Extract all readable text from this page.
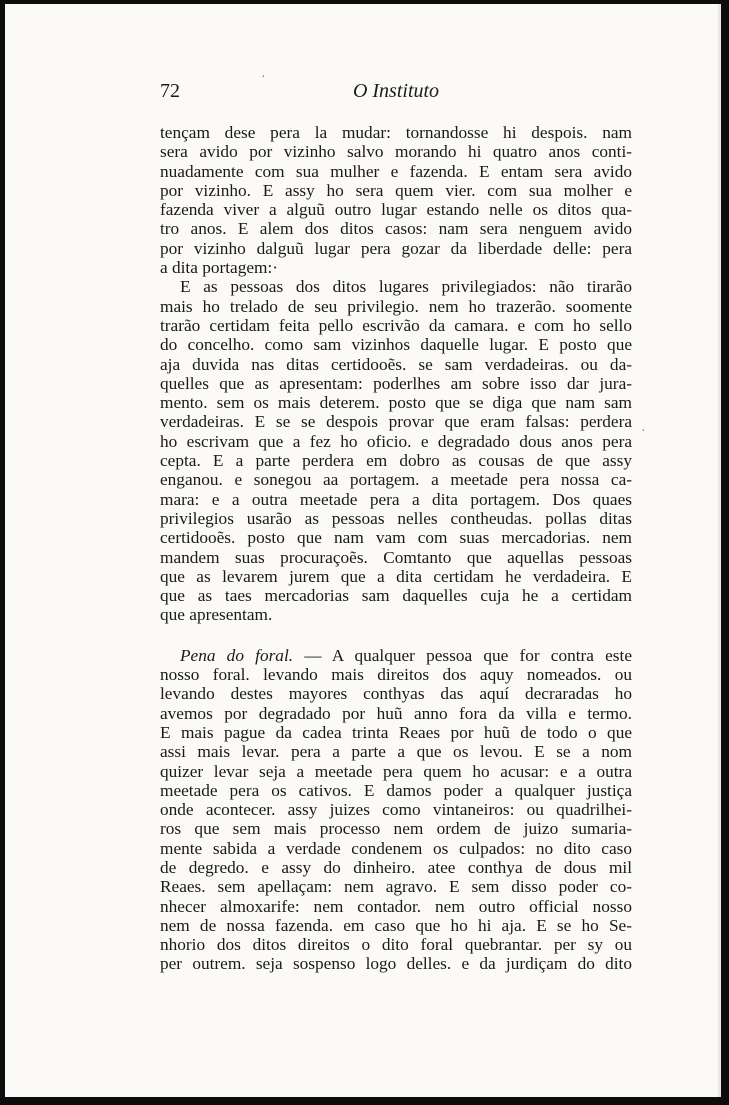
·
·
72	O Instituto
tençam dese pera la mudar: tornandosse hi despois. nam
sera avido por vizinho salvo morando hi quatro anos conti-
nuadamente com sua mulher e fazenda. E entam sera avido
por vizinho. E assy ho sera quem vier. com sua molher e
fazenda viver a alguũ outro lugar estando nelle os ditos qua-
tro anos. E alem dos ditos casos: nam sera nenguem avido
por vizinho dalguũ lugar pera gozar da liberdade delle: pera
a dita portagem:·
E as pessoas dos ditos lugares privilegiados: não tirarão
mais ho trelado de seu privilegio. nem ho trazerão. soomente
trarão certidam feita pello escrivão da camara. e com ho sello
do concelho. como sam vizinhos daquelle lugar. E posto que
aja duvida nas ditas certidooẽs. se sam verdadeiras. ou da-
quelles que as apresentam: poderlhes am sobre isso dar jura-
mento. sem os mais deterem. posto que se diga que nam sam
verdadeiras. E se se despois provar que eram falsas: perdera
ho escrivam que a fez ho oficio. e degradado dous anos pera
cepta. E a parte perdera em dobro as cousas de que assy
enganou. e sonegou aa portagem. a meetade pera nossa ca-
mara: e a outra meetade pera a dita portagem. Dos quaes
privilegios usarão as pessoas nelles contheudas. pollas ditas
certidooẽs. posto que nam vam com suas mercadorias. nem
mandem suas procuraçoẽs. Comtanto que aquellas pessoas
que as levarem jurem que a dita certidam he verdadeira. E
que as taes mercadorias sam daquelles cuja he a certidam
que apresentam.
Pena do foral. — A qualquer pessoa que for contra este
nosso foral. levando mais direitos dos aquy nomeados. ou
levando destes mayores conthyas das aquí decraradas ho
avemos por degradado por huũ anno fora da villa e termo.
E mais pague da cadea trinta Reaes por huũ de todo o que
assi mais levar. pera a parte a que os levou. E se a nom
quizer levar seja a meetade pera quem ho acusar: e a outra
meetade pera os cativos. E damos poder a qualquer justiça
onde acontecer. assy juizes como vintaneiros: ou quadrilhei-
ros que sem mais processo nem ordem de juizo sumaria-
mente sabida a verdade condenem os culpados: no dito caso
de degredo. e assy do dinheiro. atee conthya de dous mil
Reaes. sem apellaçam: nem agravo. E sem disso poder co-
nhecer almoxarife: nem contador. nem outro official nosso
nem de nossa fazenda. em caso que ho hi aja. E se ho Se-
nhorio dos ditos direitos o dito foral quebrantar. per sy ou
per outrem. seja sospenso logo delles. e da jurdiçam do dito
